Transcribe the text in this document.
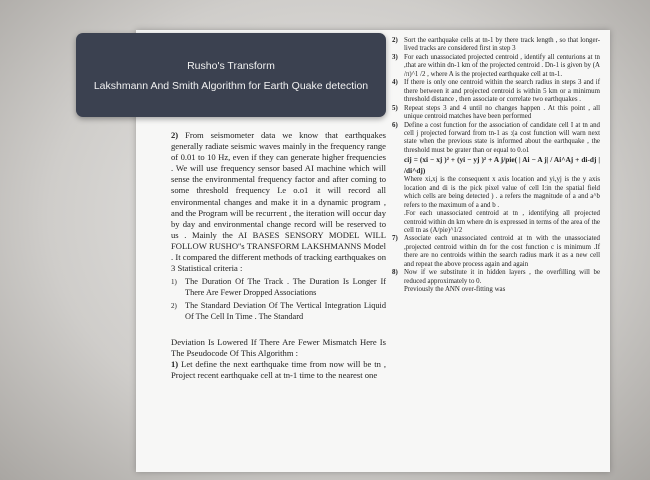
Rusho's Transform
Lakshmann And Smith Algorithm for Earth Quake detection

2) From seismometer data we know that earthquakes generally radiate seismic waves mainly in the frequency range of 0.01 to 10 Hz, even if they can generate higher frequencies . We will use frequency sensor based AI machine which will sense the environmental frequency factor and after coming to some threshold frequency I.e o.o1 it will record all environmental changes and make it in a dynamic program , and the Program will be recurrent , the iteration will occur day by day and environmental change record will be reserved to us . Mainly the AI BASES SENSORY MODEL WILL FOLLOW RUSHO''s TRANSFORM LAKSHMANNS Model . It compared the different methods of tracking earthquakes on 3 Statistical criteria :

1) The Duration Of The Track . The Duration Is Longer If There Are Fewer Dropped Associations
2) The Standard Deviation Of The Vertical Integration Liquid Of The Cell In Time . The Standard

Deviation Is Lowered If There Are Fewer Mismatch Here Is The Pseudocode Of This Algorithm :

1) Let define the next earthquake time from now will be tn , Project recent earthquake cell at tn-1 time to the nearest one

2) Sort the earthquake cells at tn-1 by there track length , so that longer-lived tracks are considered first in step 3
3) For each unassociated projected centroid , identify all centurions at tn ,that are within dn-1 km of the projected centroid . Dn-1 is given by (A /π)^1 /2 , where A is the projected earthquake cell at tn-1.
4) If there is only one centroid within the search radius in steps 3 and if there between it and projected centroid is within 5 km or a minimum threshold distance , then associate or correlate two earthquakes .
5) Repeat steps 3 and 4 until no changes happen . At this point , all unique centroid matches have been performed
6) Define a cost function for the association of candidate cell I at tn and cell j projected forward from tn-1 as :(a cost function will warn next state when the previous state is informed about the earthquake , the threshold must be grater than or equal to 0.o1
cij = (xi − xj )² + (yi − yj )² + A j/pie( | Ai − A j| / Ai^Aj + di-dj | /di^dj)
Where xi,xj is the consequent x axis location and yi,yj is the y axis location and di is the pick pixel value of cell I:in the spatial field which cells are being detected ) . a refers the magnitude of a and a^b refers to the maximum of a and b .
.For each unassociated centroid at tn , identifying all projected centroid within dn km where dn is expressed in terms of the area of the cell tn as (A/pie)^1/2
7) Associate each unassociated centroid at tn with the unassociated ,projected centroid within dn for the cost function c is minimum .If there are no centroids within the search radius mark it as a new cell and repeat the above process again and again
8) Now if we substitute it in hidden layers , the overfilling will be reduced approximately to 0.
Previously the ANN over-fitting was
